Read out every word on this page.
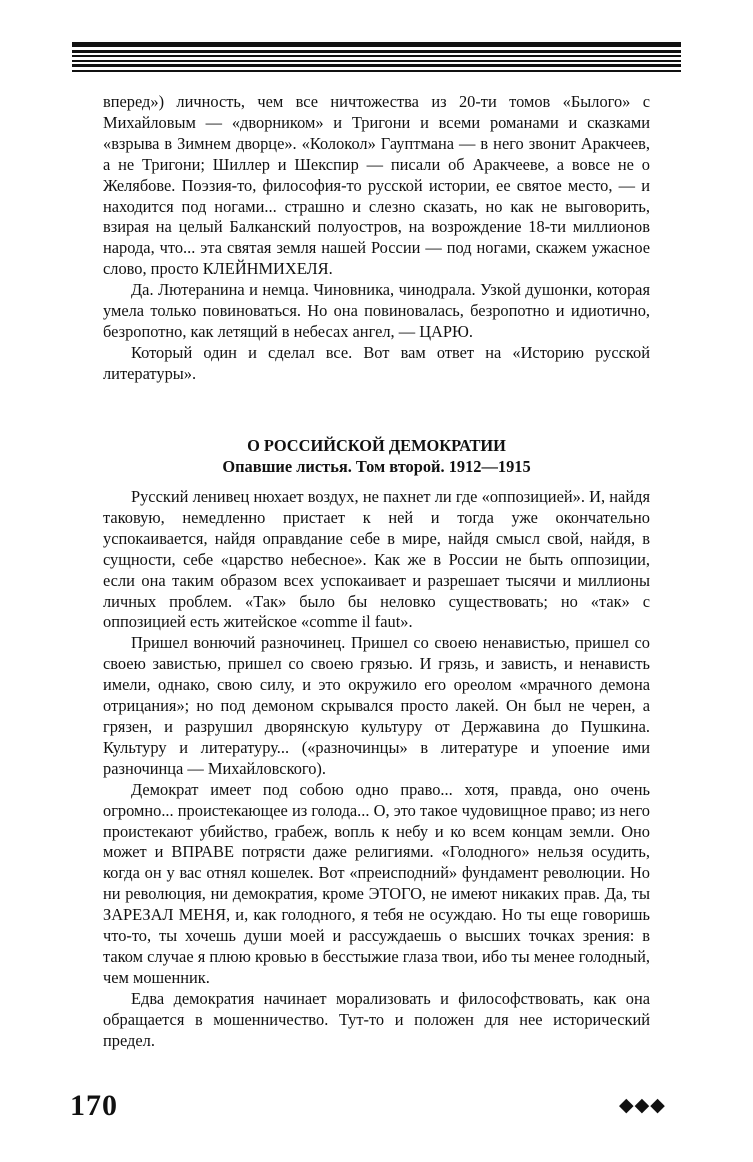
вперед») личность, чем все ничтожества из 20-ти томов «Былого» с Михайловым — «дворником» и Тригони и всеми романами и сказками «взрыва в Зимнем дворце». «Колокол» Гауптмана — в него звонит Аракчеев, а не Тригони; Шиллер и Шекспир — писали об Аракчееве, а вовсе не о Желябове. Поэзия-то, философия-то русской истории, ее святое место, — и находится под ногами... страшно и слезно сказать, но как не выговорить, взирая на целый Балканский полуостров, на возрождение 18-ти миллионов народа, что... эта святая земля нашей России — под ногами, скажем ужасное слово, просто КЛЕЙНМИХЕЛЯ.

Да. Лютеранина и немца. Чиновника, чинодрала. Узкой душонки, которая умела только повиноваться. Но она повиновалась, безропотно и идиотично, безропотно, как летящий в небесах ангел, — ЦАРЮ.

Который один и сделал все. Вот вам ответ на «Историю русской литературы».

О РОССИЙСКОЙ ДЕМОКРАТИИ
Опавшие листья. Том второй. 1912—1915

Русский ленивец нюхает воздух, не пахнет ли где «оппозицией». И, найдя таковую, немедленно пристает к ней и тогда уже окончательно успокаивается, найдя оправдание себе в мире, найдя смысл свой, найдя, в сущности, себе «царство небесное». Как же в России не быть оппозиции, если она таким образом всех успокаивает и разрешает тысячи и миллионы личных проблем. «Так» было бы неловко существовать; но «так» с оппозицией есть житейское «comme il faut».

Пришел вонючий разночинец. Пришел со своею ненавистью, пришел со своею завистью, пришел со своею грязью. И грязь, и зависть, и ненависть имели, однако, свою силу, и это окружило его ореолом «мрачного демона отрицания»; но под демоном скрывался просто лакей. Он был не черен, а грязен, и разрушил дворянскую культуру от Державина до Пушкина. Культуру и литературу... («разночинцы» в литературе и упоение ими разночинца — Михайловского).

Демократ имеет под собою одно право... хотя, правда, оно очень огромно... проистекающее из голода... О, это такое чудовищное право; из него проистекают убийство, грабеж, вопль к небу и ко всем концам земли. Оно может и ВПРАВЕ потрясти даже религиями. «Голодного» нельзя осудить, когда он у вас отнял кошелек. Вот «преисподний» фундамент революции. Но ни революция, ни демократия, кроме ЭТОГО, не имеют никаких прав. Да, ты ЗАРЕЗАЛ МЕНЯ, и, как голодного, я тебя не осуждаю. Но ты еще говоришь что-то, ты хочешь души моей и рассуждаешь о высших точках зрения: в таком случае я плюю кровью в бесстыжие глаза твои, ибо ты менее голодный, чем мошенник.

Едва демократия начинает морализовать и философствовать, как она обращается в мошенничество. Тут-то и положен для нее исторический предел.

170	◆◆◆
